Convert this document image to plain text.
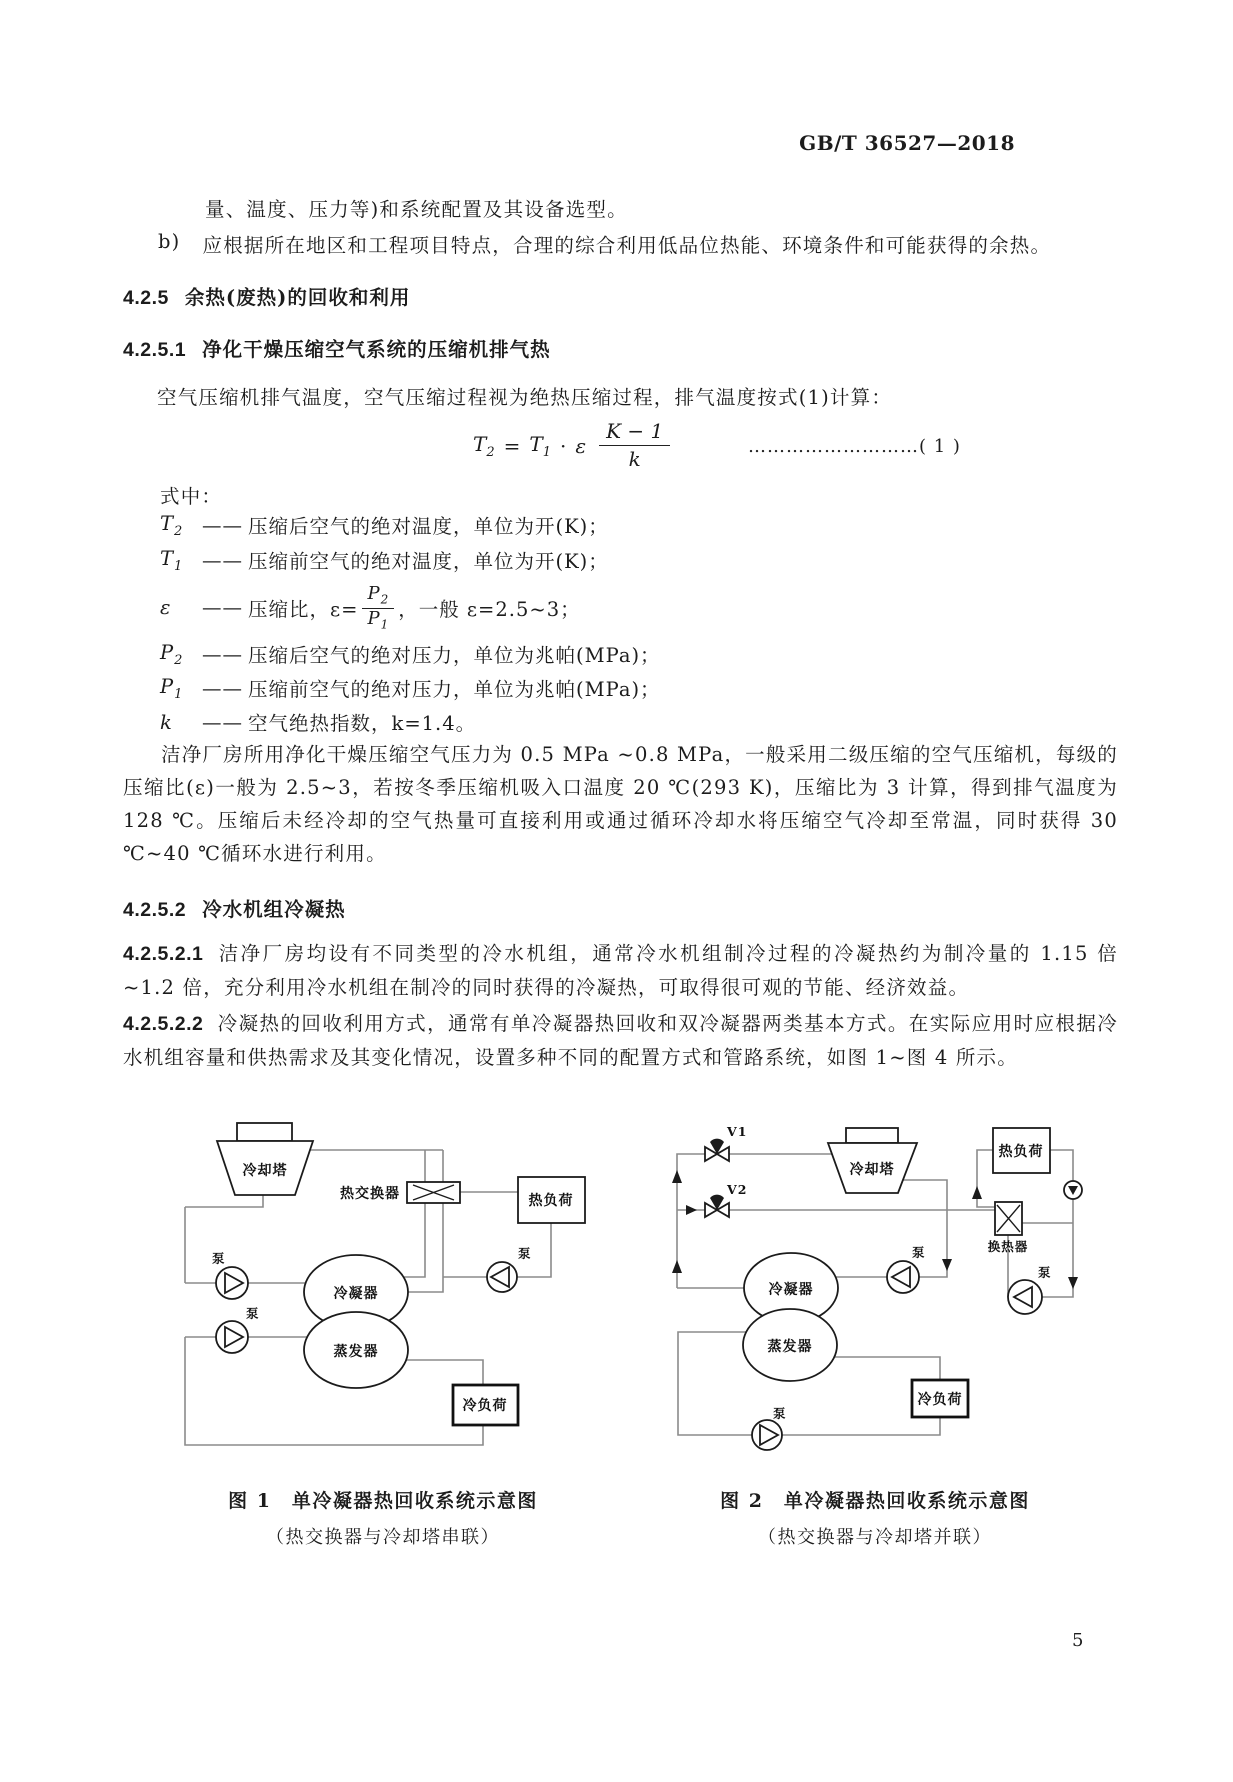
GB/T 36527—2018
量、温度、压力等)和系统配置及其设备选型。
b) 应根据所在地区和工程项目特点，合理的综合利用低品位热能、环境条件和可能获得的余热。
4.2.5 余热(废热)的回收和利用
4.2.5.1 净化干燥压缩空气系统的压缩机排气热
空气压缩机排气温度，空气压缩过程视为绝热压缩过程，排气温度按式(1)计算：
$T_2 = T_1 \cdot \varepsilon \frac{K - 1}{k}$	………………………( 1 )
式中：
$T_2$ —— 压缩后空气的绝对温度，单位为开(K)；
$T_1$ —— 压缩前空气的绝对温度，单位为开(K)；
ε	—— 压缩比，$\varepsilon= \frac{P_2}{P_1}$ ，一般 ε=2.5~3；
$P_2$ —— 压缩后空气的绝对压力，单位为兆帕(MPa)；
$P_1$ —— 压缩前空气的绝对压力，单位为兆帕(MPa)；
k	—— 空气绝热指数，k=1.4。
洁净厂房所用净化干燥压缩空气压力为 0.5 MPa ~0.8 MPa，一般采用二级压缩的空气压缩机，每级的压缩比(ε)一般为 2.5~3，若按冬季压缩机吸入口温度 20 ℃(293 K)，压缩比为 3 计算，得到排气温度为 128 ℃。压缩后未经冷却的空气热量可直接利用或通过循环冷却水将压缩空气冷却至常温，同时获得 30 ℃~40 ℃循环水进行利用。
4.2.5.2 冷水机组冷凝热
4.2.5.2.1 洁净厂房均设有不同类型的冷水机组，通常冷水机组制冷过程的冷凝热约为制冷量的 1.15 倍~1.2 倍，充分利用冷水机组在制冷的同时获得的冷凝热，可取得很可观的节能、经济效益。
4.2.5.2.2 冷凝热的回收利用方式，通常有单冷凝器热回收和双冷凝器两类基本方式。在实际应用时应根据冷水机组容量和供热需求及其变化情况，设置多种不同的配置方式和管路系统，如图 1~图 4 所示。
冷却塔
热交换器	热负荷
泵
冷凝器
蒸发器
泵
泵
冷负荷
V1
V2
冷却塔
热负荷
换热器
泵
泵
冷凝器
蒸发器
冷负荷
泵
图 1　单冷凝器热回收系统示意图
（热交换器与冷却塔串联）
图 2　单冷凝器热回收系统示意图
（热交换器与冷却塔并联）
5
